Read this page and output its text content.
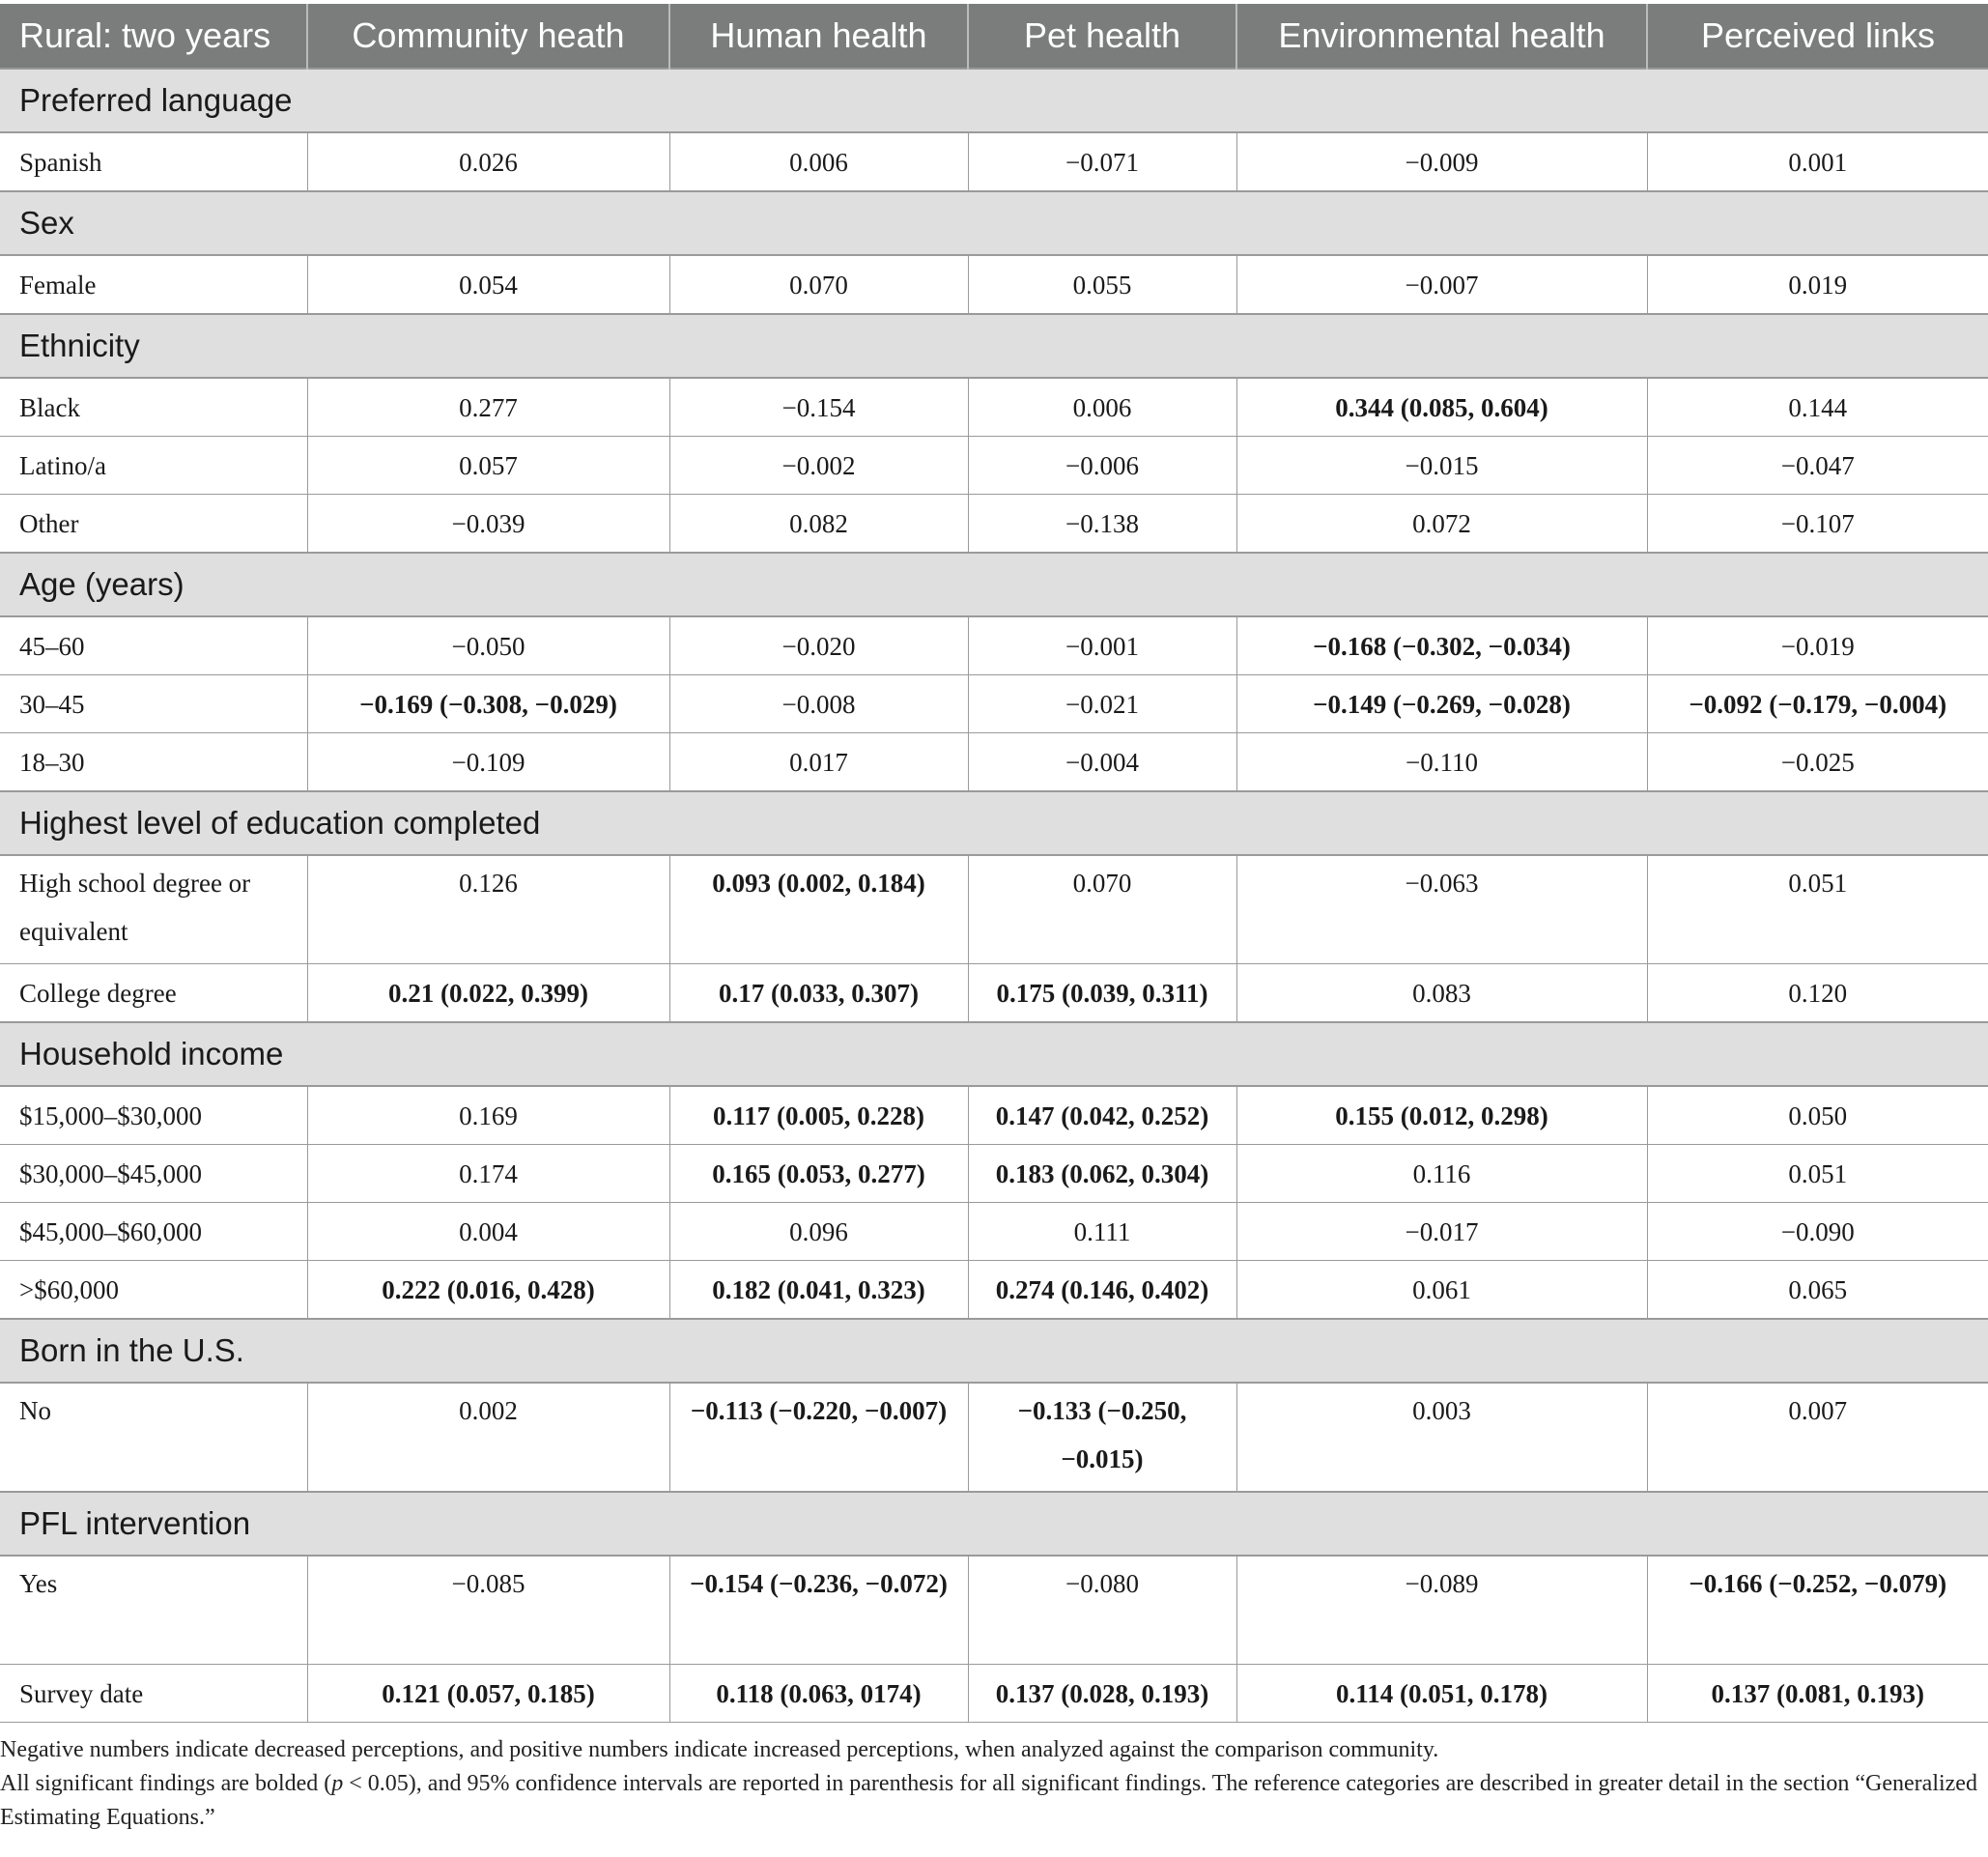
Rural: two years	Community heath	Human health	Pet health	Environmental health	Perceived links
Preferred language					
Spanish	0.026	0.006	−0.071	−0.009	0.001
Sex					
Female	0.054	0.070	0.055	−0.007	0.019
Ethnicity					
Black	0.277	−0.154	0.006	0.344 (0.085, 0.604)	0.144
Latino/a	0.057	−0.002	−0.006	−0.015	−0.047
Other	−0.039	0.082	−0.138	0.072	−0.107
Age (years)					
45–60	−0.050	−0.020	−0.001	−0.168 (−0.302, −0.034)	−0.019
30–45	−0.169 (−0.308, −0.029)	−0.008	−0.021	−0.149 (−0.269, −0.028)	−0.092 (−0.179, −0.004)
18–30	−0.109	0.017	−0.004	−0.110	−0.025
Highest level of education completed					
High school degree or equivalent	0.126	0.093 (0.002, 0.184)	0.070	−0.063	0.051
College degree	0.21 (0.022, 0.399)	0.17 (0.033, 0.307)	0.175 (0.039, 0.311)	0.083	0.120
Household income					
$15,000–$30,000	0.169	0.117 (0.005, 0.228)	0.147 (0.042, 0.252)	0.155 (0.012, 0.298)	0.050
$30,000–$45,000	0.174	0.165 (0.053, 0.277)	0.183 (0.062, 0.304)	0.116	0.051
$45,000–$60,000	0.004	0.096	0.111	−0.017	−0.090
>$60,000	0.222 (0.016, 0.428)	0.182 (0.041, 0.323)	0.274 (0.146, 0.402)	0.061	0.065
Born in the U.S.					
No	0.002	−0.113 (−0.220, −0.007)	−0.133 (−0.250, −0.015)	0.003	0.007
PFL intervention					
Yes	−0.085	−0.154 (−0.236, −0.072)	−0.080	−0.089	−0.166 (−0.252, −0.079)
Survey date	0.121 (0.057, 0.185)	0.118 (0.063, 0174)	0.137 (0.028, 0.193)	0.114 (0.051, 0.178)	0.137 (0.081, 0.193)

Negative numbers indicate decreased perceptions, and positive numbers indicate increased perceptions, when analyzed against the comparison community.

All significant findings are bolded (p < 0.05), and 95% confidence intervals are reported in parenthesis for all significant findings. The reference categories are described in greater detail in the section “Generalized Estimating Equations.”
